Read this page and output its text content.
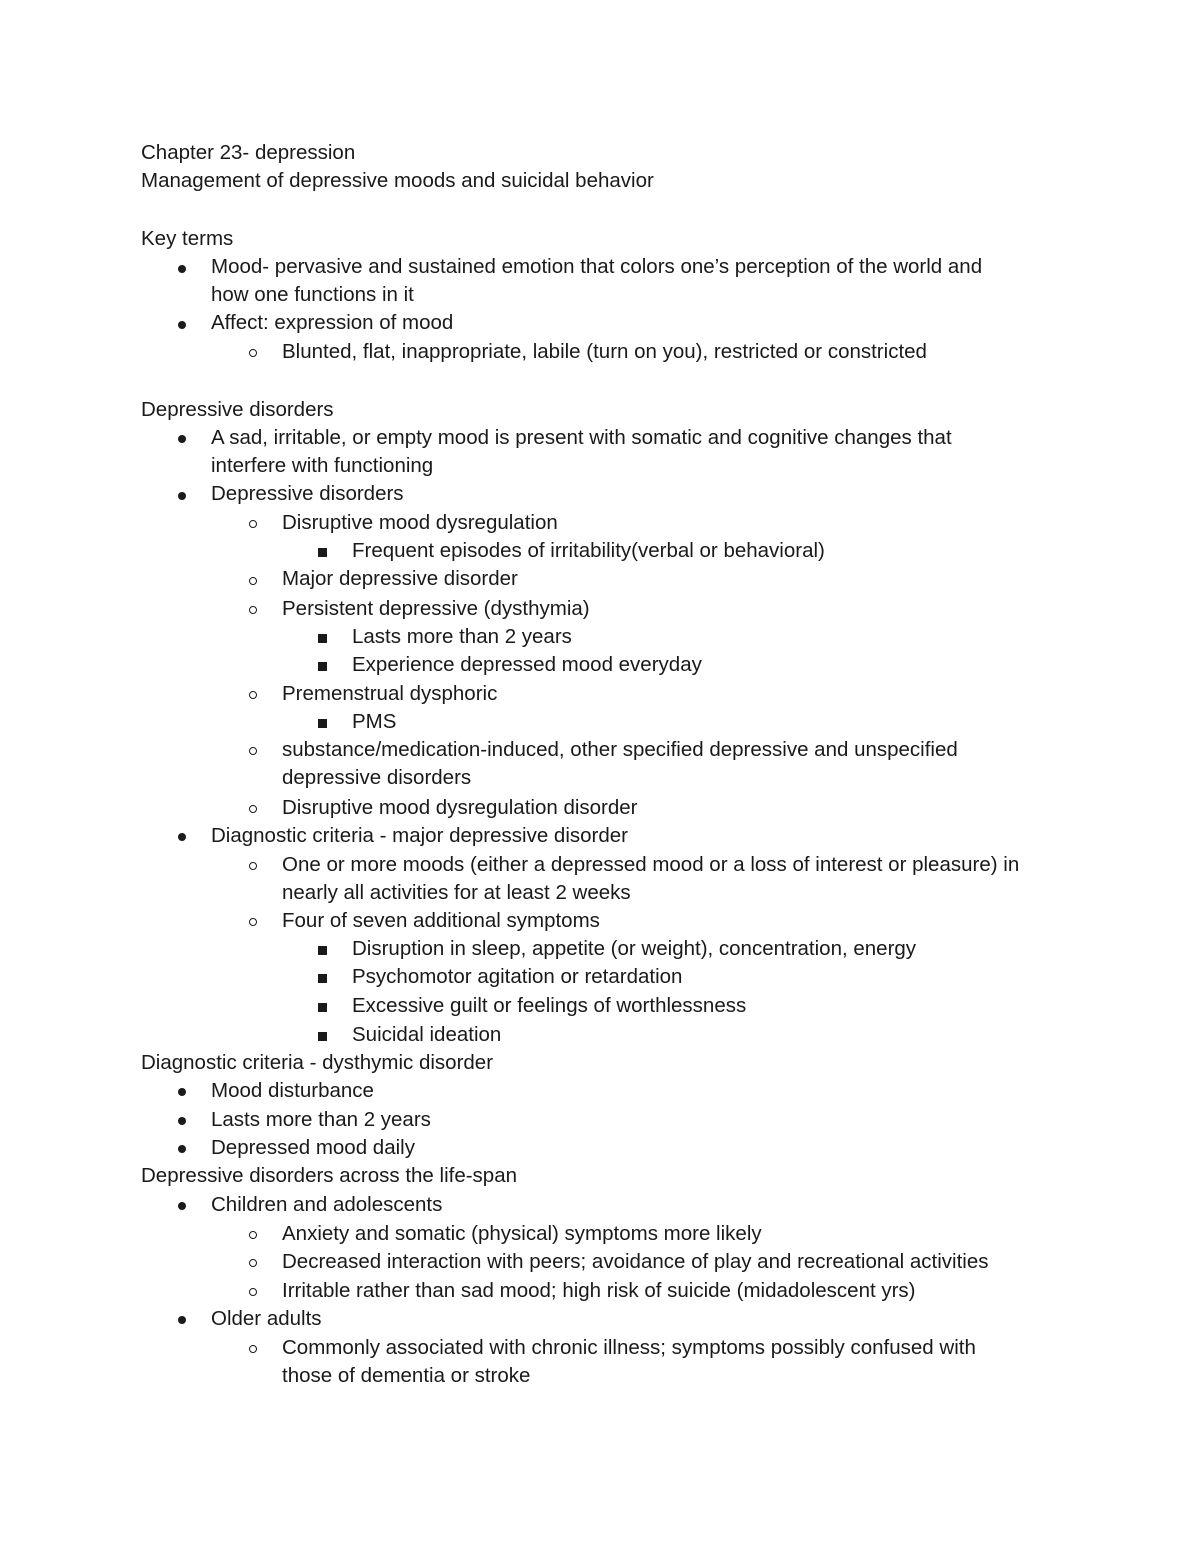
Chapter 23- depression
Management of depressive moods and suicidal behavior
Key terms
Mood- pervasive and sustained emotion that colors one’s perception of the world and
how one functions in it
Affect: expression of mood
Blunted, flat, inappropriate, labile (turn on you), restricted or constricted
Depressive disorders
A sad, irritable, or empty mood is present with somatic and cognitive changes that
interfere with functioning
Depressive disorders
Disruptive mood dysregulation
Frequent episodes of irritability(verbal or behavioral)
Major depressive disorder
Persistent depressive (dysthymia)
Lasts more than 2 years
Experience depressed mood everyday
Premenstrual dysphoric
PMS
substance/medication-induced, other specified depressive and unspecified
depressive disorders
Disruptive mood dysregulation disorder
Diagnostic criteria - major depressive disorder
One or more moods (either a depressed mood or a loss of interest or pleasure) in
nearly all activities for at least 2 weeks
Four of seven additional symptoms
Disruption in sleep, appetite (or weight), concentration, energy
Psychomotor agitation or retardation
Excessive guilt or feelings of worthlessness
Suicidal ideation
Diagnostic criteria - dysthymic disorder
Mood disturbance
Lasts more than 2 years
Depressed mood daily
Depressive disorders across the life-span
Children and adolescents
Anxiety and somatic (physical) symptoms more likely
Decreased interaction with peers; avoidance of play and recreational activities
Irritable rather than sad mood; high risk of suicide (midadolescent yrs)
Older adults
Commonly associated with chronic illness; symptoms possibly confused with
those of dementia or stroke
